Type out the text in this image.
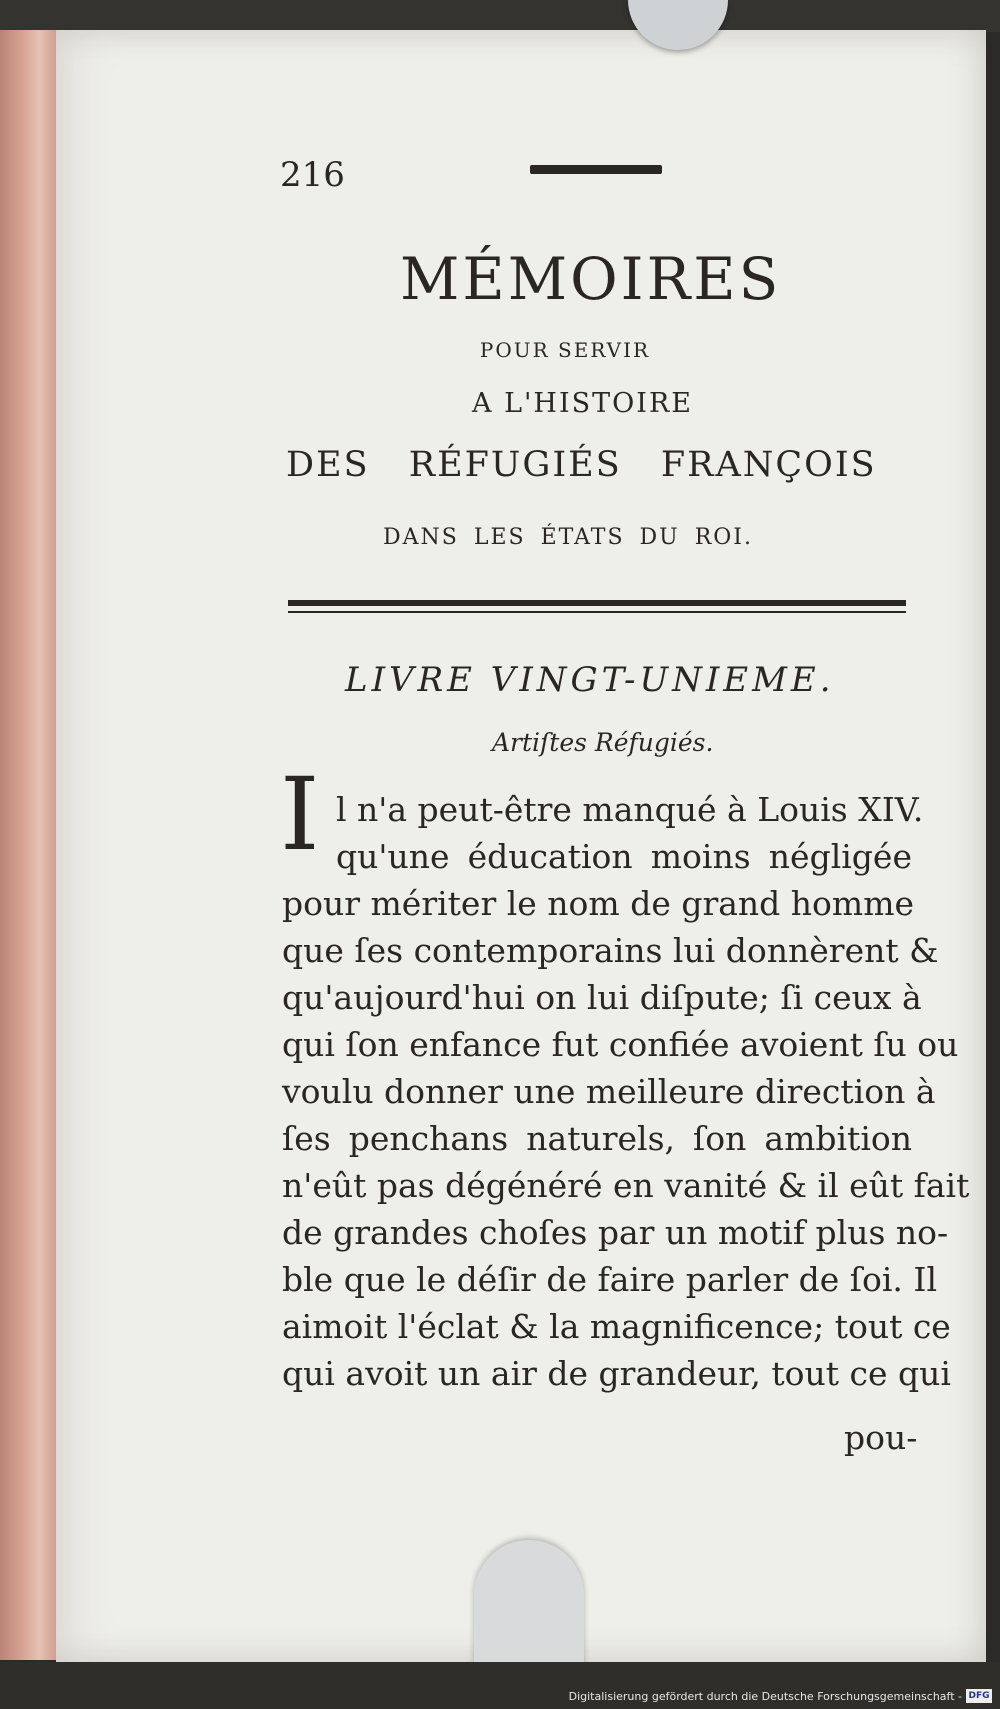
216
MÉMOIRES
POUR SERVIR
A L'HISTOIRE
DES RÉFUGIÉS FRANÇOIS
DANS LES ÉTATS DU ROI.
LIVRE VINGT-UNIEME.
Artiſtes Réfugiés.
I l n'a peut-être manqué à Louis XIV.
qu'une éducation moins négligée
pour mériter le nom de grand homme
que ſes contemporains lui donnèrent &
qu'aujourd'hui on lui diſpute; ſi ceux à
qui ſon enfance fut confiée avoient ſu ou
voulu donner une meilleure direction à
ſes penchans naturels, ſon ambition
n'eût pas dégénéré en vanité & il eût fait
de grandes choſes par un motif plus no-
ble que le déſir de faire parler de ſoi. Il
aimoit l'éclat & la magnificence; tout ce
qui avoit un air de grandeur, tout ce qui
pou-
Digitalisierung gefördert durch die Deutsche Forschungsgemeinschaft - DFG
